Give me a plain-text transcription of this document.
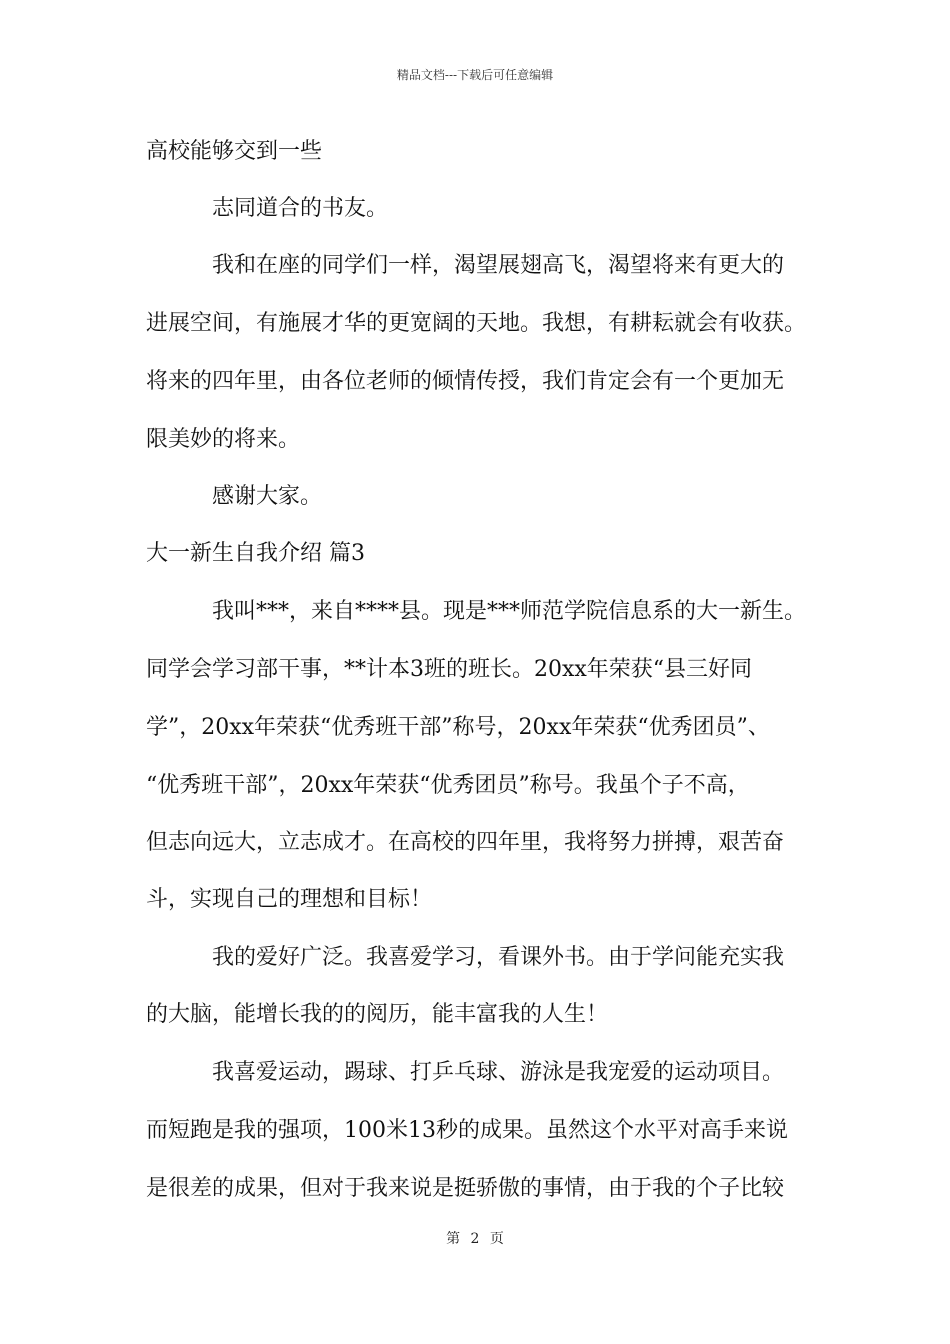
精品文档---下载后可任意编辑
高校能够交到一些
志同道合的书友。
我和在座的同学们一样，渴望展翅高飞，渴望将来有更大的
进展空间，有施展才华的更宽阔的天地。我想，有耕耘就会有收获。
将来的四年里，由各位老师的倾情传授，我们肯定会有一个更加无
限美妙的将来。
感谢大家。
大一新生自我介绍 篇3
我叫***，来自****县。现是***师范学院信息系的大一新生。
同学会学习部干事，**计本3班的班长。20xx年荣获“县三好同
学”，20xx年荣获“优秀班干部”称号，20xx年荣获“优秀团员”、
“优秀班干部”，20xx年荣获“优秀团员”称号。我虽个子不高，
但志向远大，立志成才。在高校的四年里，我将努力拼搏，艰苦奋
斗，实现自己的理想和目标！
我的爱好广泛。我喜爱学习，看课外书。由于学问能充实我
的大脑，能增长我的的阅历，能丰富我的人生！
我喜爱运动，踢球、打乒乓球、游泳是我宠爱的运动项目。
而短跑是我的强项，100米13秒的成果。虽然这个水平对高手来说
是很差的成果，但对于我来说是挺骄傲的事情，由于我的个子比较
第 2 页
